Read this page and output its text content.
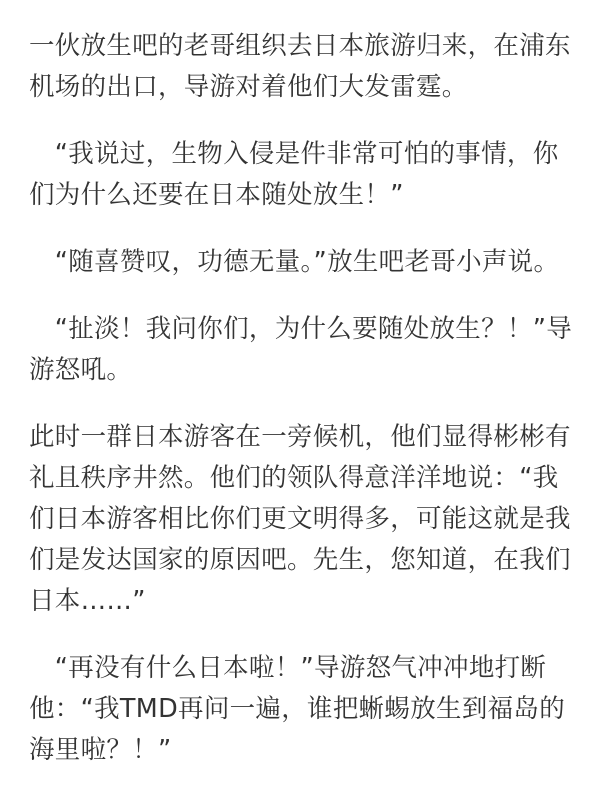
一伙放生吧的老哥组织去日本旅游归来，在浦东机场的出口，导游对着他们大发雷霆。

　“我说过，生物入侵是件非常可怕的事情，你们为什么还要在日本随处放生！”

　“随喜赞叹，功德无量。”放生吧老哥小声说。

　“扯淡！我问你们，为什么要随处放生？！”导游怒吼。

此时一群日本游客在一旁候机，他们显得彬彬有礼且秩序井然。他们的领队得意洋洋地说：“我们日本游客相比你们更文明得多，可能这就是我们是发达国家的原因吧。先生，您知道，在我们日本……”

　“再没有什么日本啦！”导游怒气冲冲地打断他：“我TMD再问一遍，谁把蜥蜴放生到福岛的海里啦？！”
